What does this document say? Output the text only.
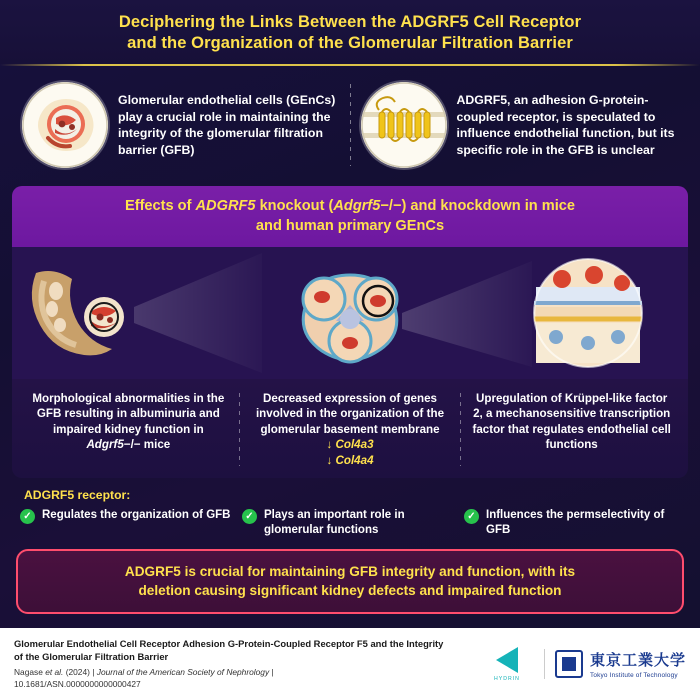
Deciphering the Links Between the ADGRF5 Cell Receptor
and the Organization of the Glomerular Filtration Barrier
Glomerular endothelial cells (GEnCs) play a crucial role in maintaining the integrity of the glomerular filtration barrier (GFB)
ADGRF5, an adhesion G-protein-coupled receptor, is speculated to influence endothelial function, but its specific role in the GFB is unclear

Effects of ADGRF5 knockout (Adgrf5−/−) and knockdown in mice
and human primary GEnCs

Morphological abnormalities in the GFB resulting in albuminuria and impaired kidney function in Adgrf5−/− mice
Decreased expression of genes involved in the organization of the glomerular basement membrane
↓ Col4a3
↓ Col4a4
Upregulation of Krüppel-like factor 2, a mechanosensitive transcription factor that regulates endothelial cell functions
ADGRF5 receptor:
✓ Regulates the organization of GFB	✓ Plays an important role in glomerular functions
✓ Influences the permselectivity of GFB

ADGRF5 is crucial for maintaining GFB integrity and function, with its
deletion causing significant kidney defects and impaired function

Glomerular Endothelial Cell Receptor Adhesion G-Protein-Coupled Receptor F5 and the Integrity
of the Glomerular Filtration Barrier
Nagase et al. (2024) | Journal of the American Society of Nephrology |
10.1681/ASN.0000000000000427	HYDRIN
東京工業大学
Tokyo Institute of Technology
